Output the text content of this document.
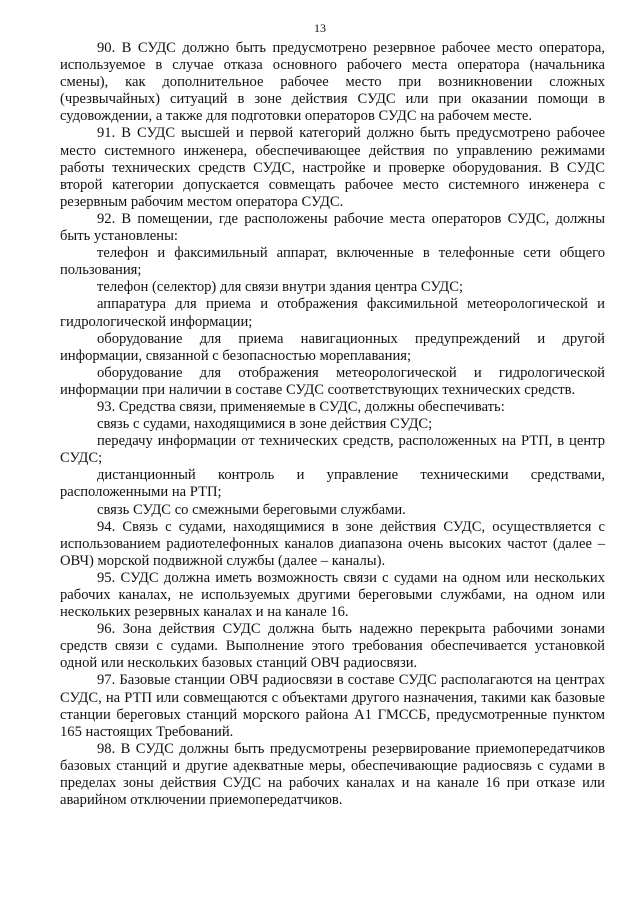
13

90. В СУДС должно быть предусмотрено резервное рабочее место оператора, используемое в случае отказа основного рабочего места оператора (начальника смены), как дополнительное рабочее место при возникновении сложных (чрезвычайных) ситуаций в зоне действия СУДС или при оказании помощи в судовождении, а также для подготовки операторов СУДС на рабочем месте.

91. В СУДС высшей и первой категорий должно быть предусмотрено рабочее место системного инженера, обеспечивающее действия по управлению режимами работы технических средств СУДС, настройке и проверке оборудования. В СУДС второй категории допускается совмещать рабочее место системного инженера с резервным рабочим местом оператора СУДС.

92. В помещении, где расположены рабочие места операторов СУДС, должны быть установлены:

телефон и факсимильный аппарат, включенные в телефонные сети общего пользования;

телефон (селектор) для связи внутри здания центра СУДС;

аппаратура для приема и отображения факсимильной метеорологической и гидрологической информации;

оборудование для приема навигационных предупреждений и другой информации, связанной с безопасностью мореплавания;

оборудование для отображения метеорологической и гидрологической информации при наличии в составе СУДС соответствующих технических средств.

93. Средства связи, применяемые в СУДС, должны обеспечивать:

связь с судами, находящимися в зоне действия СУДС;

передачу информации от технических средств, расположенных на РТП, в центр СУДС;

дистанционный контроль и управление техническими средствами, расположенными на РТП;

связь СУДС со смежными береговыми службами.

94. Связь с судами, находящимися в зоне действия СУДС, осуществляется с использованием радиотелефонных каналов диапазона очень высоких частот (далее – ОВЧ) морской подвижной службы (далее – каналы).

95. СУДС должна иметь возможность связи с судами на одном или нескольких рабочих каналах, не используемых другими береговыми службами, на одном или нескольких резервных каналах и на канале 16.

96. Зона действия СУДС должна быть надежно перекрыта рабочими зонами средств связи с судами. Выполнение этого требования обеспечивается установкой одной или нескольких базовых станций ОВЧ радиосвязи.

97. Базовые станции ОВЧ радиосвязи в составе СУДС располагаются на центрах СУДС, на РТП или совмещаются с объектами другого назначения, такими как базовые станции береговых станций морского района А1 ГМССБ, предусмотренные пунктом 165 настоящих Требований.

98. В СУДС должны быть предусмотрены резервирование приемопередатчиков базовых станций и другие адекватные меры, обеспечивающие радиосвязь с судами в пределах зоны действия СУДС на рабочих каналах и на канале 16 при отказе или аварийном отключении приемопередатчиков.
